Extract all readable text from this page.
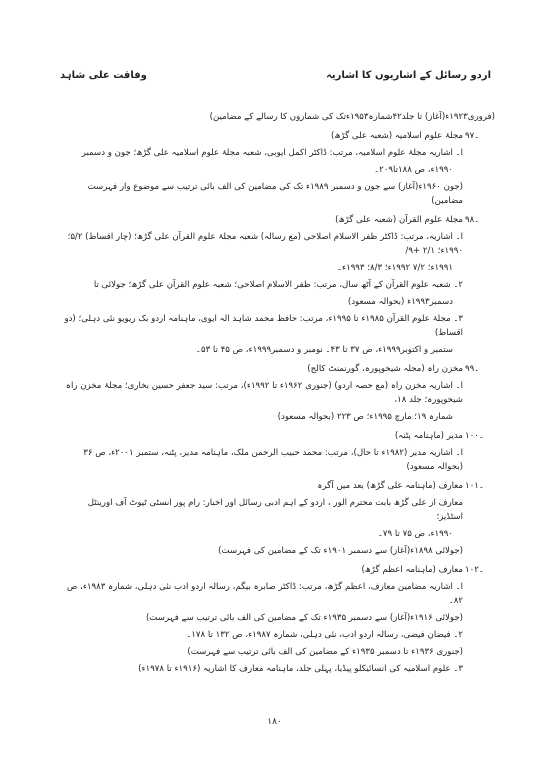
وفاقت علی شاہد	اردو رسائل کے اشاریوں کا اشاریہ
(فروری۱۹۲۳ء(آغاز) تا جلد۴۲شمارہ۱۹۵۳ءتک کی شماروں کا رسالے کے مضامین)
۹۷۔
مجلۂ علوم اسلامیہ (شعبہ علی گڑھ)
ا۔ اشاریہ مجلۂ علوم اسلامیہ، مرتب: ڈاکٹر اکمل ایوبی، شعبہ مجلۂ علوم اسلامیہ علی گڑھ؛ جون و دسمبر
۱۹۹۰ء، ص ۱۸۸تا۲۰۹۔
(جون ۱۹۶۰ء(آغاز) سے جون و دسمبر ۱۹۸۹ء تک کی مضامین کی الف بائی ترتیب سے موضوع وار فہرست مضامین)
۹۸۔
مجلۂ علوم القرآن (شعبہ علی گڑھ)
ا۔ اشاریہ، مرتب: ڈاکٹر ظفر الاسلام اصلاحی (مع رسالہ) شعبہ مجلۂ علوم القرآن علی گڑھ؛ (چار اقساط) ۵/۲؛ ۱۹۹۰ء؛ ۲/۱ +۹/
۱۹۹۱ء؛ ۷/۲ ۱۹۹۲ء؛ ۸/۳؛ ۱۹۹۳ء۔
۲۔ شعبہ علوم القرآن کے آٹھ سال، مرتب: ظفر الاسلام اصلاحی؛ شعبہ علوم القرآن علی گڑھ؛ جولائی تا
دسمبر۱۹۹۳ء (بحوالہ مسعود)
۳۔ مجلۂ علوم القرآن ۱۹۸۵ء تا ۱۹۹۵ء، مرتب: حافظ محمد شاہد الہ ایوی، ماہنامہ اردو بک ریویو نئی دہلی؛ (دو اقساط)
ستمبر و اکتوبر۱۹۹۹ء، ص ۳۷ تا ۴۳۔ نومبر و دسمبر۱۹۹۹ء، ص ۴۵ تا ۵۳۔
۹۹۔
مخزن راہ (مجلہ شیخوپورہ، گورنمنٹ کالج)
ا۔ اشاریہ مخزن راہ (مع حصہ اردو) (جنوری ۱۹۶۲ء تا ۱۹۹۲ء)، مرتب: سید جعفر حسین بخاری؛ مجلۂ مخزن راہ شیخوپورہ؛ جلد ۱۸،
شمارہ ۱۹؛ مارچ ۱۹۹۵ء؛ ص ۲۲۳ (بحوالہ مسعود)
۱۰۰۔
مدیر (ماہنامہ پٹنہ)
ا۔ اشاریہ مدیر (۱۹۸۲ء تا حال)، مرتب: محمد حبیب الرحمن ملک، ماہنامہ مدیر، پٹنہ، ستمبر ۲۰۰۱ء، ص ۳۶ (بحوالہ مسعود)
۱۰۱۔
معارف (ماہنامہ علی گڑھ) بعد میں آگرہ
معارف از علی گڑھ بابت محترم الور ، اردو کے اہم ادبی رسائل اور اخبار: رام پور انسٹی ٹیوٹ آف اورینٹل اسٹڈیز؛
۱۹۹۰ء، ص ۷۵ تا ۷۹۔
(جولائی ۱۸۹۸ء(آغاز) سے دسمبر ۱۹۰۱ء تک کے مضامین کی فہرست)
۱۰۲۔
معارف (ماہنامہ اعظم گڑھ)
ا۔ اشاریہ مضامین معارف، اعظم گڑھ، مرتب: ڈاکٹر صابرہ بیگم، رسالہ اردو ادب نئی دہلی، شمارہ ۱۹۸۳ء، ص ۸۲۔
(جولائی ۱۹۱۶ء(آغاز) سے دسمبر ۱۹۳۵ء تک کے مضامین کی الف بائی ترتیب سے فہرست)
۲۔ فیضان فیضی، رسالہ اردو ادب، نئی دہلی، شمارہ ۱۹۸۷ء، ص ۱۳۲ تا ۱۷۸۔
(جنوری ۱۹۳۶ء تا دسمبر ۱۹۳۵ء کے مضامین کی الف بائی ترتیب سے فہرست)
۳۔ علوم اسلامیہ کی انسائیکلو پیڈیا، پہلی جلد، ماہنامہ معارف کا اشاریہ (۱۹۱۶ء تا ۱۹۷۸ء)
۱۸۰
